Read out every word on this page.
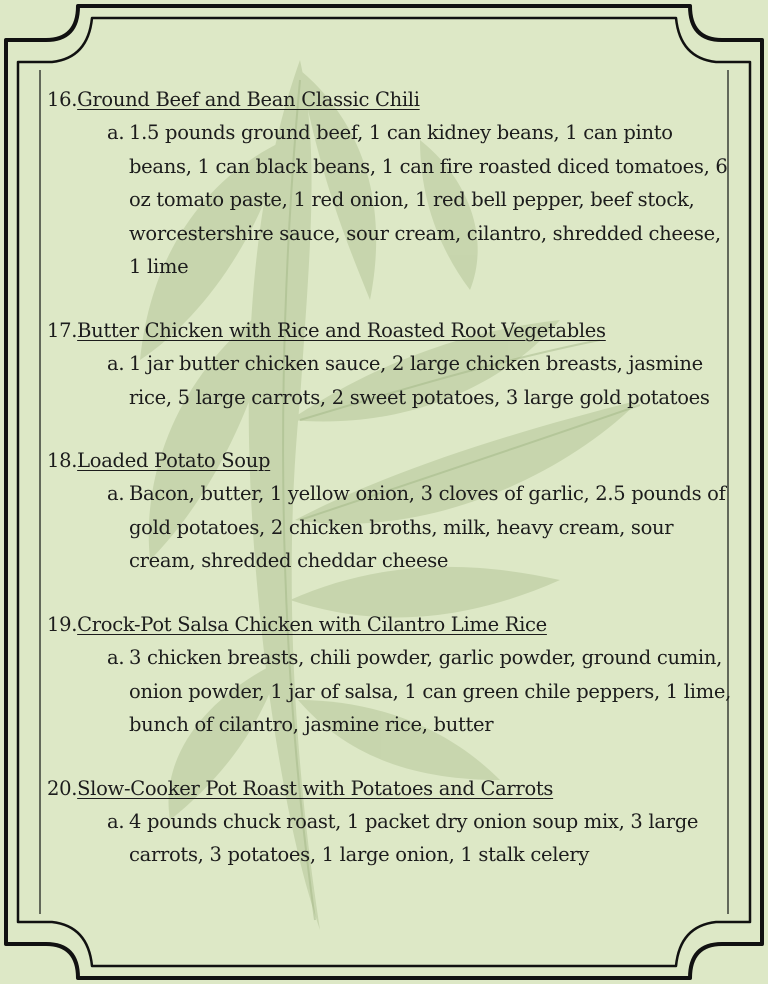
16.Ground Beef and Bean Classic Chili
a. 1.5 pounds ground beef, 1 can kidney beans, 1 can pinto beans, 1 can black beans, 1 can fire roasted diced tomatoes, 6 oz tomato paste, 1 red onion, 1 red bell pepper, beef stock, worcestershire sauce, sour cream, cilantro, shredded cheese, 1 lime
17.Butter Chicken with Rice and Roasted Root Vegetables
a. 1 jar butter chicken sauce, 2 large chicken breasts, jasmine rice, 5 large carrots, 2 sweet potatoes, 3 large gold potatoes
18.Loaded Potato Soup
a. Bacon, butter, 1 yellow onion, 3 cloves of garlic, 2.5 pounds of gold potatoes, 2 chicken broths, milk, heavy cream, sour cream, shredded cheddar cheese
19.Crock-Pot Salsa Chicken with Cilantro Lime Rice
a. 3 chicken breasts, chili powder, garlic powder, ground cumin, onion powder, 1 jar of salsa, 1 can green chile peppers, 1 lime, bunch of cilantro, jasmine rice, butter
20.Slow-Cooker Pot Roast with Potatoes and Carrots
a. 4 pounds chuck roast, 1 packet dry onion soup mix, 3 large carrots, 3 potatoes, 1 large onion, 1 stalk celery
